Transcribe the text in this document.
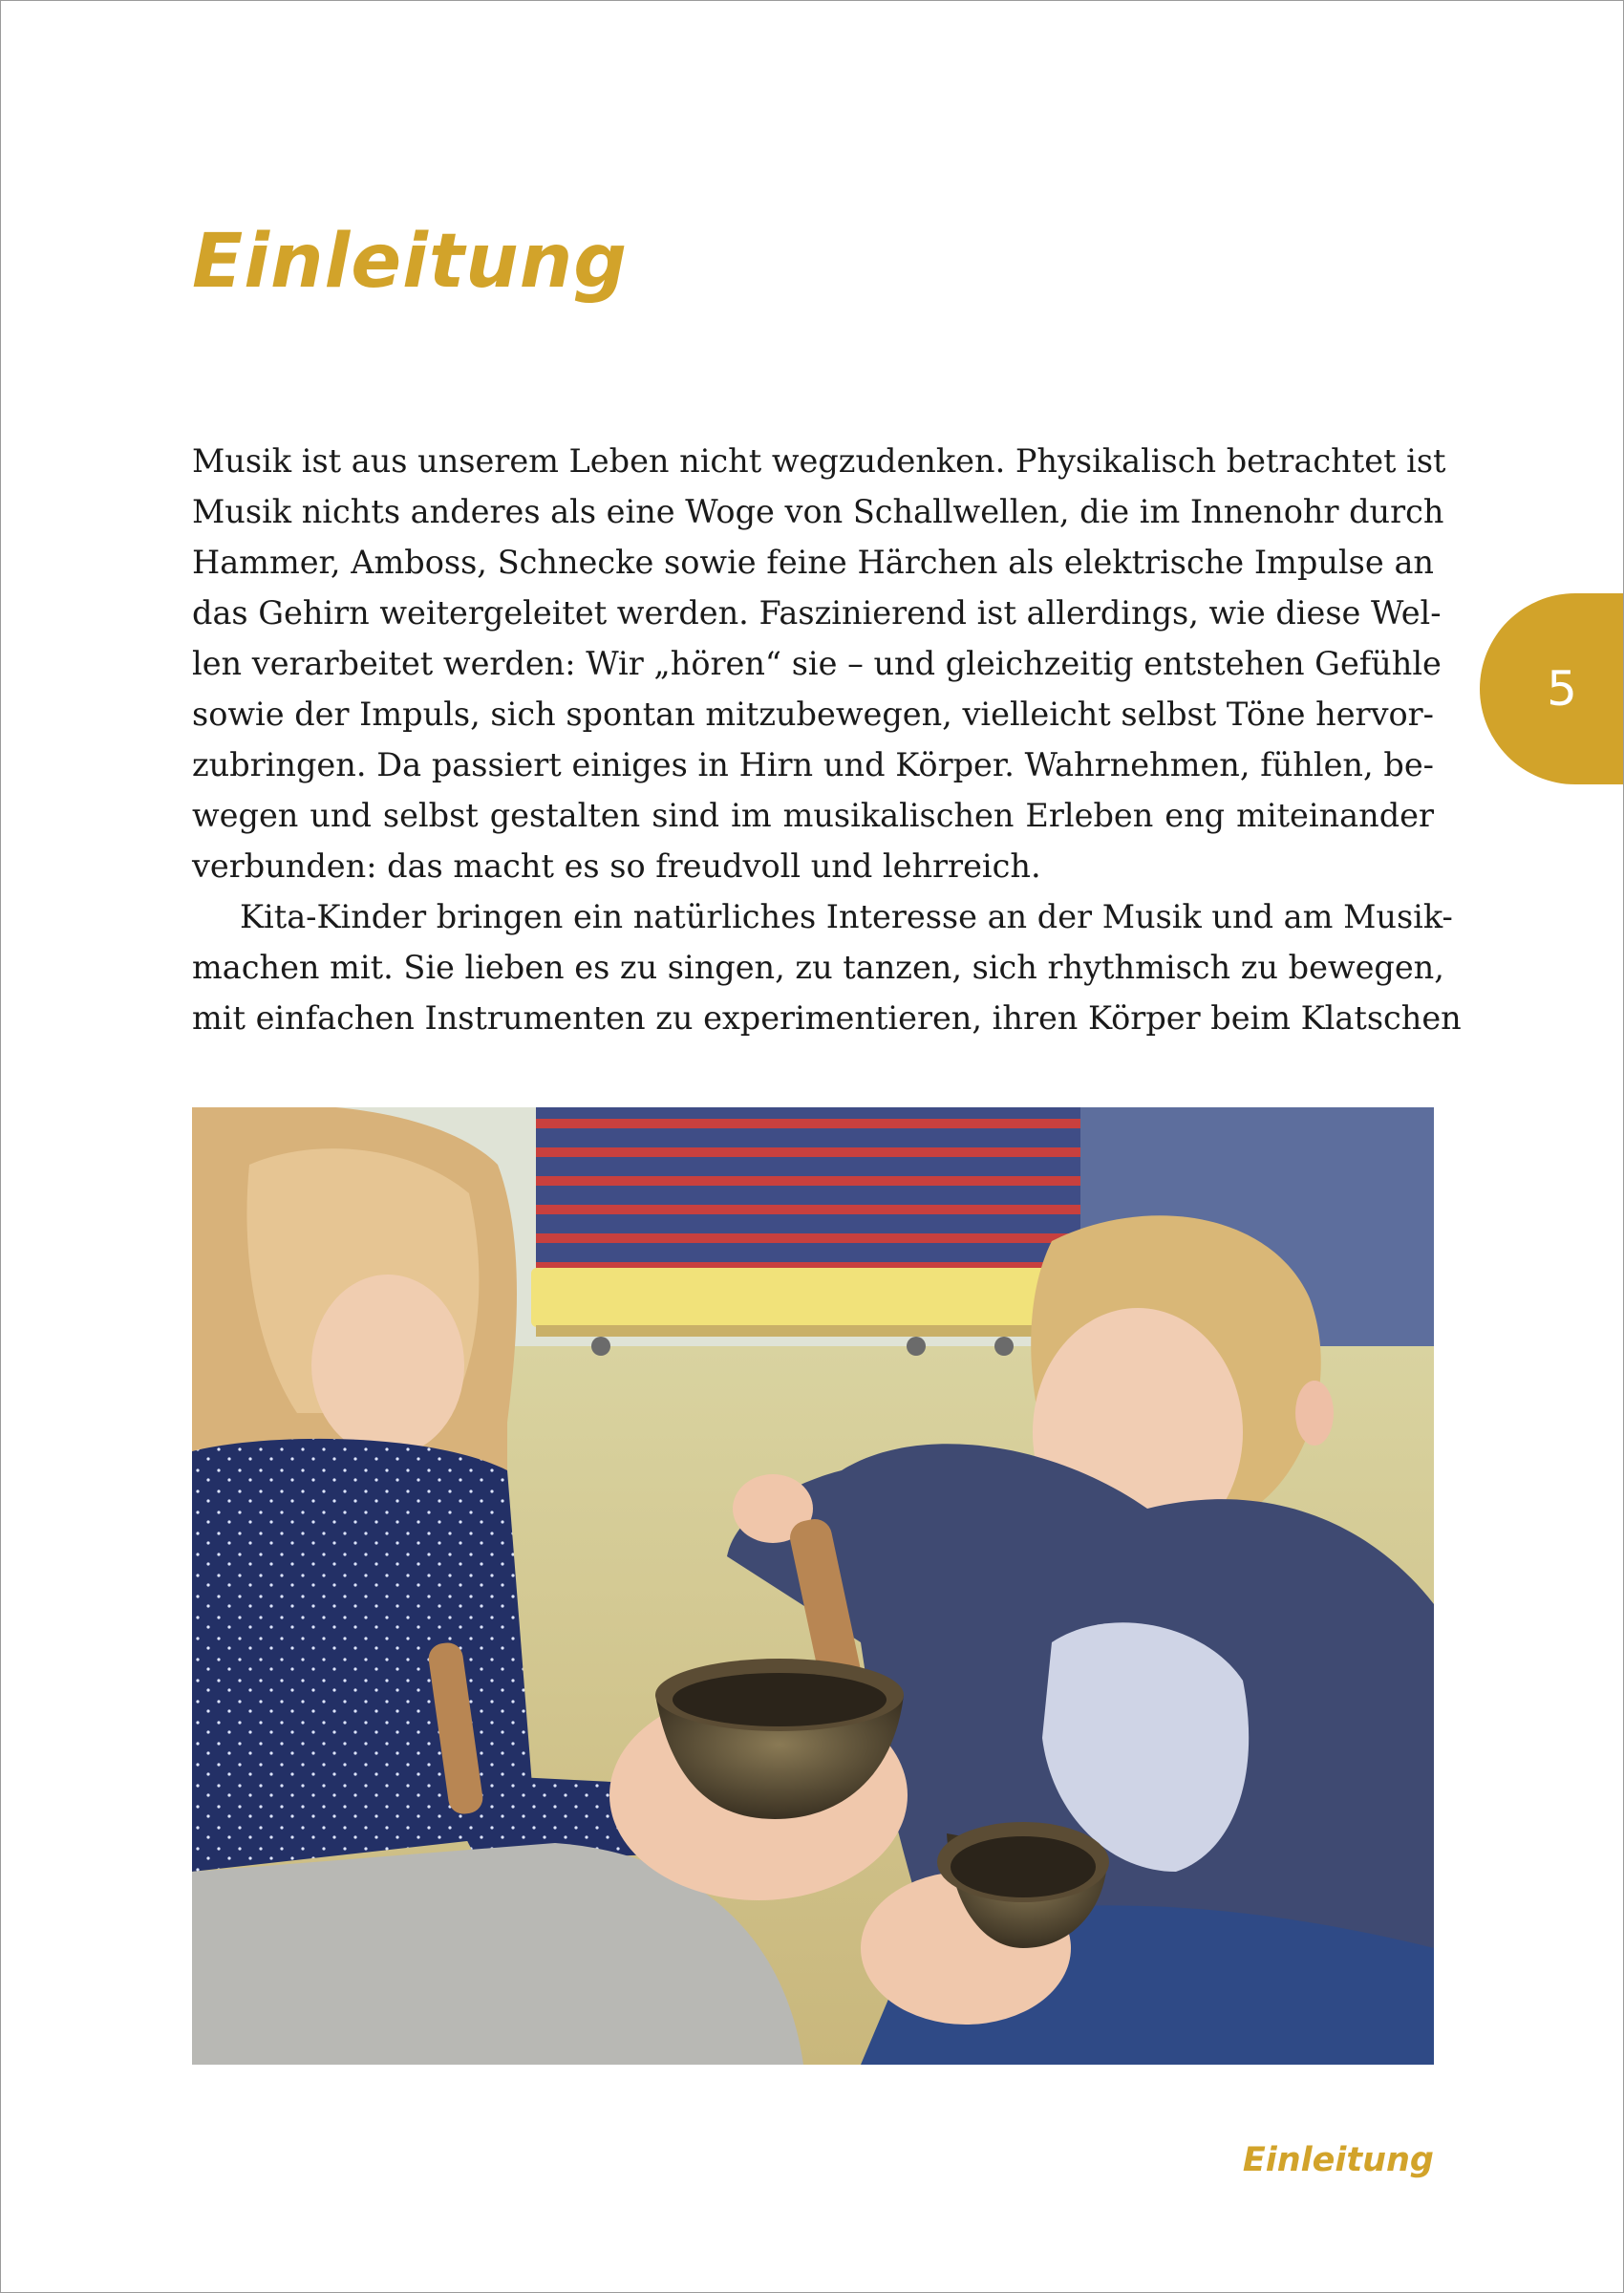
Einleitung
5
Musik ist aus unserem Leben nicht wegzudenken. Physikalisch betrachtet ist
Musik nichts anderes als eine Woge von Schallwellen, die im Innenohr durch
Hammer, Amboss, Schnecke sowie feine Härchen als elektrische Impulse an
das Gehirn weitergeleitet werden. Faszinierend ist allerdings, wie diese Wel-
len verarbeitet werden: Wir „hören“ sie – und gleichzeitig entstehen Gefühle
sowie der Impuls, sich spontan mitzubewegen, vielleicht selbst Töne hervor-
zubringen. Da passiert einiges in Hirn und Körper. Wahrnehmen, fühlen, be-
wegen und selbst gestalten sind im musikalischen Erleben eng miteinander
verbunden: das macht es so freudvoll und lehrreich.
Kita-Kinder bringen ein natürliches Interesse an der Musik und am Musik-
machen mit. Sie lieben es zu singen, zu tanzen, sich rhythmisch zu bewegen,
mit einfachen Instrumenten zu experimentieren, ihren Körper beim Klatschen
Einleitung
